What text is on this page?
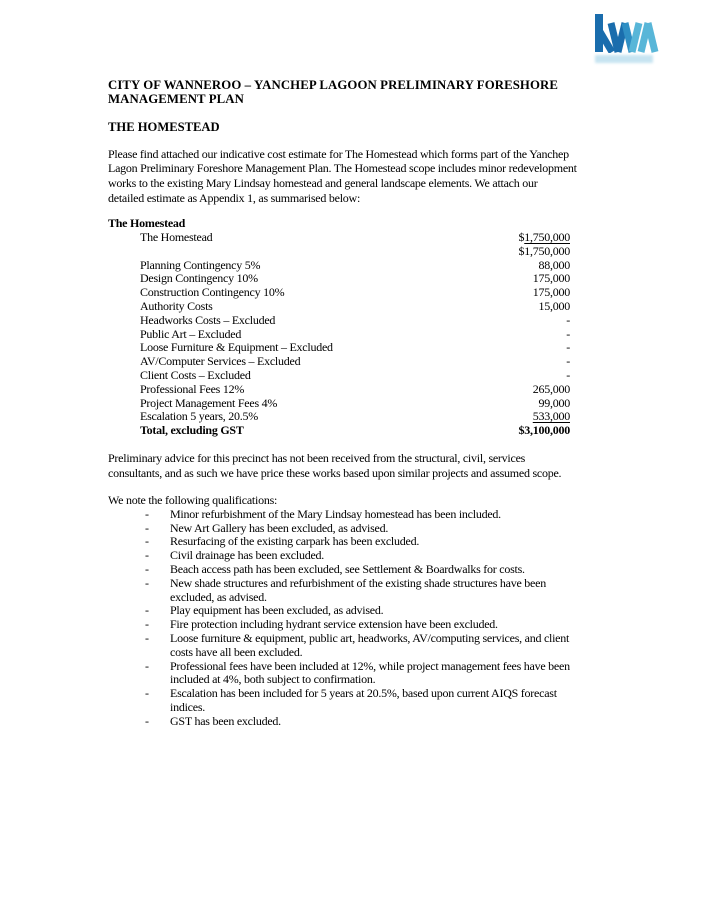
CITY OF WANNEROO – YANCHEP LAGOON PRELIMINARY FORESHORE
MANAGEMENT PLAN
THE HOMESTEAD
Please find attached our indicative cost estimate for The Homestead which forms part of the Yanchep
Lagon Preliminary Foreshore Management Plan. The Homestead scope includes minor redevelopment
works to the existing Mary Lindsay homestead and general landscape elements. We attach our
detailed estimate as Appendix 1, as summarised below:
The Homestead
The Homestead	$1,750,000
$1,750,000
Planning Contingency 5%	88,000
Design Contingency 10%	175,000
Construction Contingency 10%	175,000
Authority Costs	15,000
Headworks Costs – Excluded	-
Public Art – Excluded	-
Loose Furniture & Equipment – Excluded	-
AV/Computer Services – Excluded	-
Client Costs – Excluded	-
Professional Fees 12%	265,000
Project Management Fees 4%	99,000
Escalation 5 years, 20.5%	533,000
Total, excluding GST	$3,100,000
Preliminary advice for this precinct has not been received from the structural, civil, services
consultants, and as such we have price these works based upon similar projects and assumed scope.
We note the following qualifications:
- Minor refurbishment of the Mary Lindsay homestead has been included.
- New Art Gallery has been excluded, as advised.
- Resurfacing of the existing carpark has been excluded.
- Civil drainage has been excluded.
- Beach access path has been excluded, see Settlement & Boardwalks for costs.
- New shade structures and refurbishment of the existing shade structures have been
excluded, as advised.
- Play equipment has been excluded, as advised.
- Fire protection including hydrant service extension have been excluded.
- Loose furniture & equipment, public art, headworks, AV/computing services, and client
costs have all been excluded.
- Professional fees have been included at 12%, while project management fees have been
included at 4%, both subject to confirmation.
- Escalation has been included for 5 years at 20.5%, based upon current AIQS forecast
indices.
- GST has been excluded.
